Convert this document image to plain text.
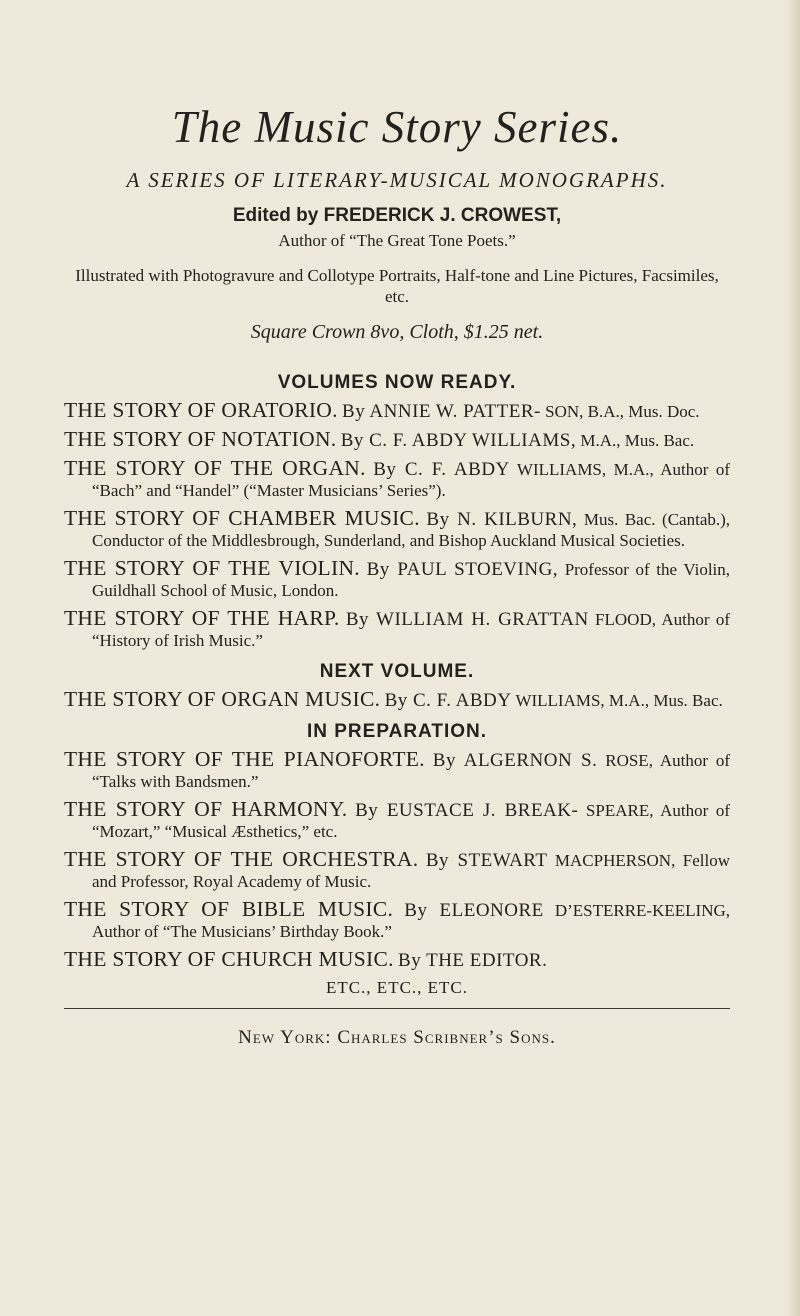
The Music Story Series.
A SERIES OF LITERARY-MUSICAL MONOGRAPHS.
Edited by FREDERICK J. CROWEST,
Author of “The Great Tone Poets.”
Illustrated with Photogravure and Collotype Portraits, Half-tone and Line Pictures, Facsimiles, etc.
Square Crown 8vo, Cloth, $1.25 net.
VOLUMES NOW READY.
THE STORY OF ORATORIO. By ANNIE W. PATTER- SON, B.A., Mus. Doc.
THE STORY OF NOTATION. By C. F. ABDY WILLIAMS, M.A., Mus. Bac.
THE STORY OF THE ORGAN. By C. F. ABDY WILLIAMS, M.A., Author of “Bach” and “Handel” (“Master Musicians’ Series”).
THE STORY OF CHAMBER MUSIC. By N. KILBURN, Mus. Bac. (Cantab.), Conductor of the Middlesbrough, Sunderland, and Bishop Auckland Musical Societies.
THE STORY OF THE VIOLIN. By PAUL STOEVING, Professor of the Violin, Guildhall School of Music, London.
THE STORY OF THE HARP. By WILLIAM H. GRATTAN FLOOD, Author of “History of Irish Music.”
NEXT VOLUME.
THE STORY OF ORGAN MUSIC. By C. F. ABDY WILLIAMS, M.A., Mus. Bac.
IN PREPARATION.
THE STORY OF THE PIANOFORTE. By ALGERNON S. ROSE, Author of “Talks with Bandsmen.”
THE STORY OF HARMONY. By EUSTACE J. BREAK- SPEARE, Author of “Mozart,” “Musical Æsthetics,” etc.
THE STORY OF THE ORCHESTRA. By STEWART MACPHERSON, Fellow and Professor, Royal Academy of Music.
THE STORY OF BIBLE MUSIC. By ELEONORE D’ESTERRE-KEELING, Author of “The Musicians’ Birthday Book.”
THE STORY OF CHURCH MUSIC. By THE EDITOR.
ETC., ETC., ETC.
New York: Charles Scribner’s Sons.
